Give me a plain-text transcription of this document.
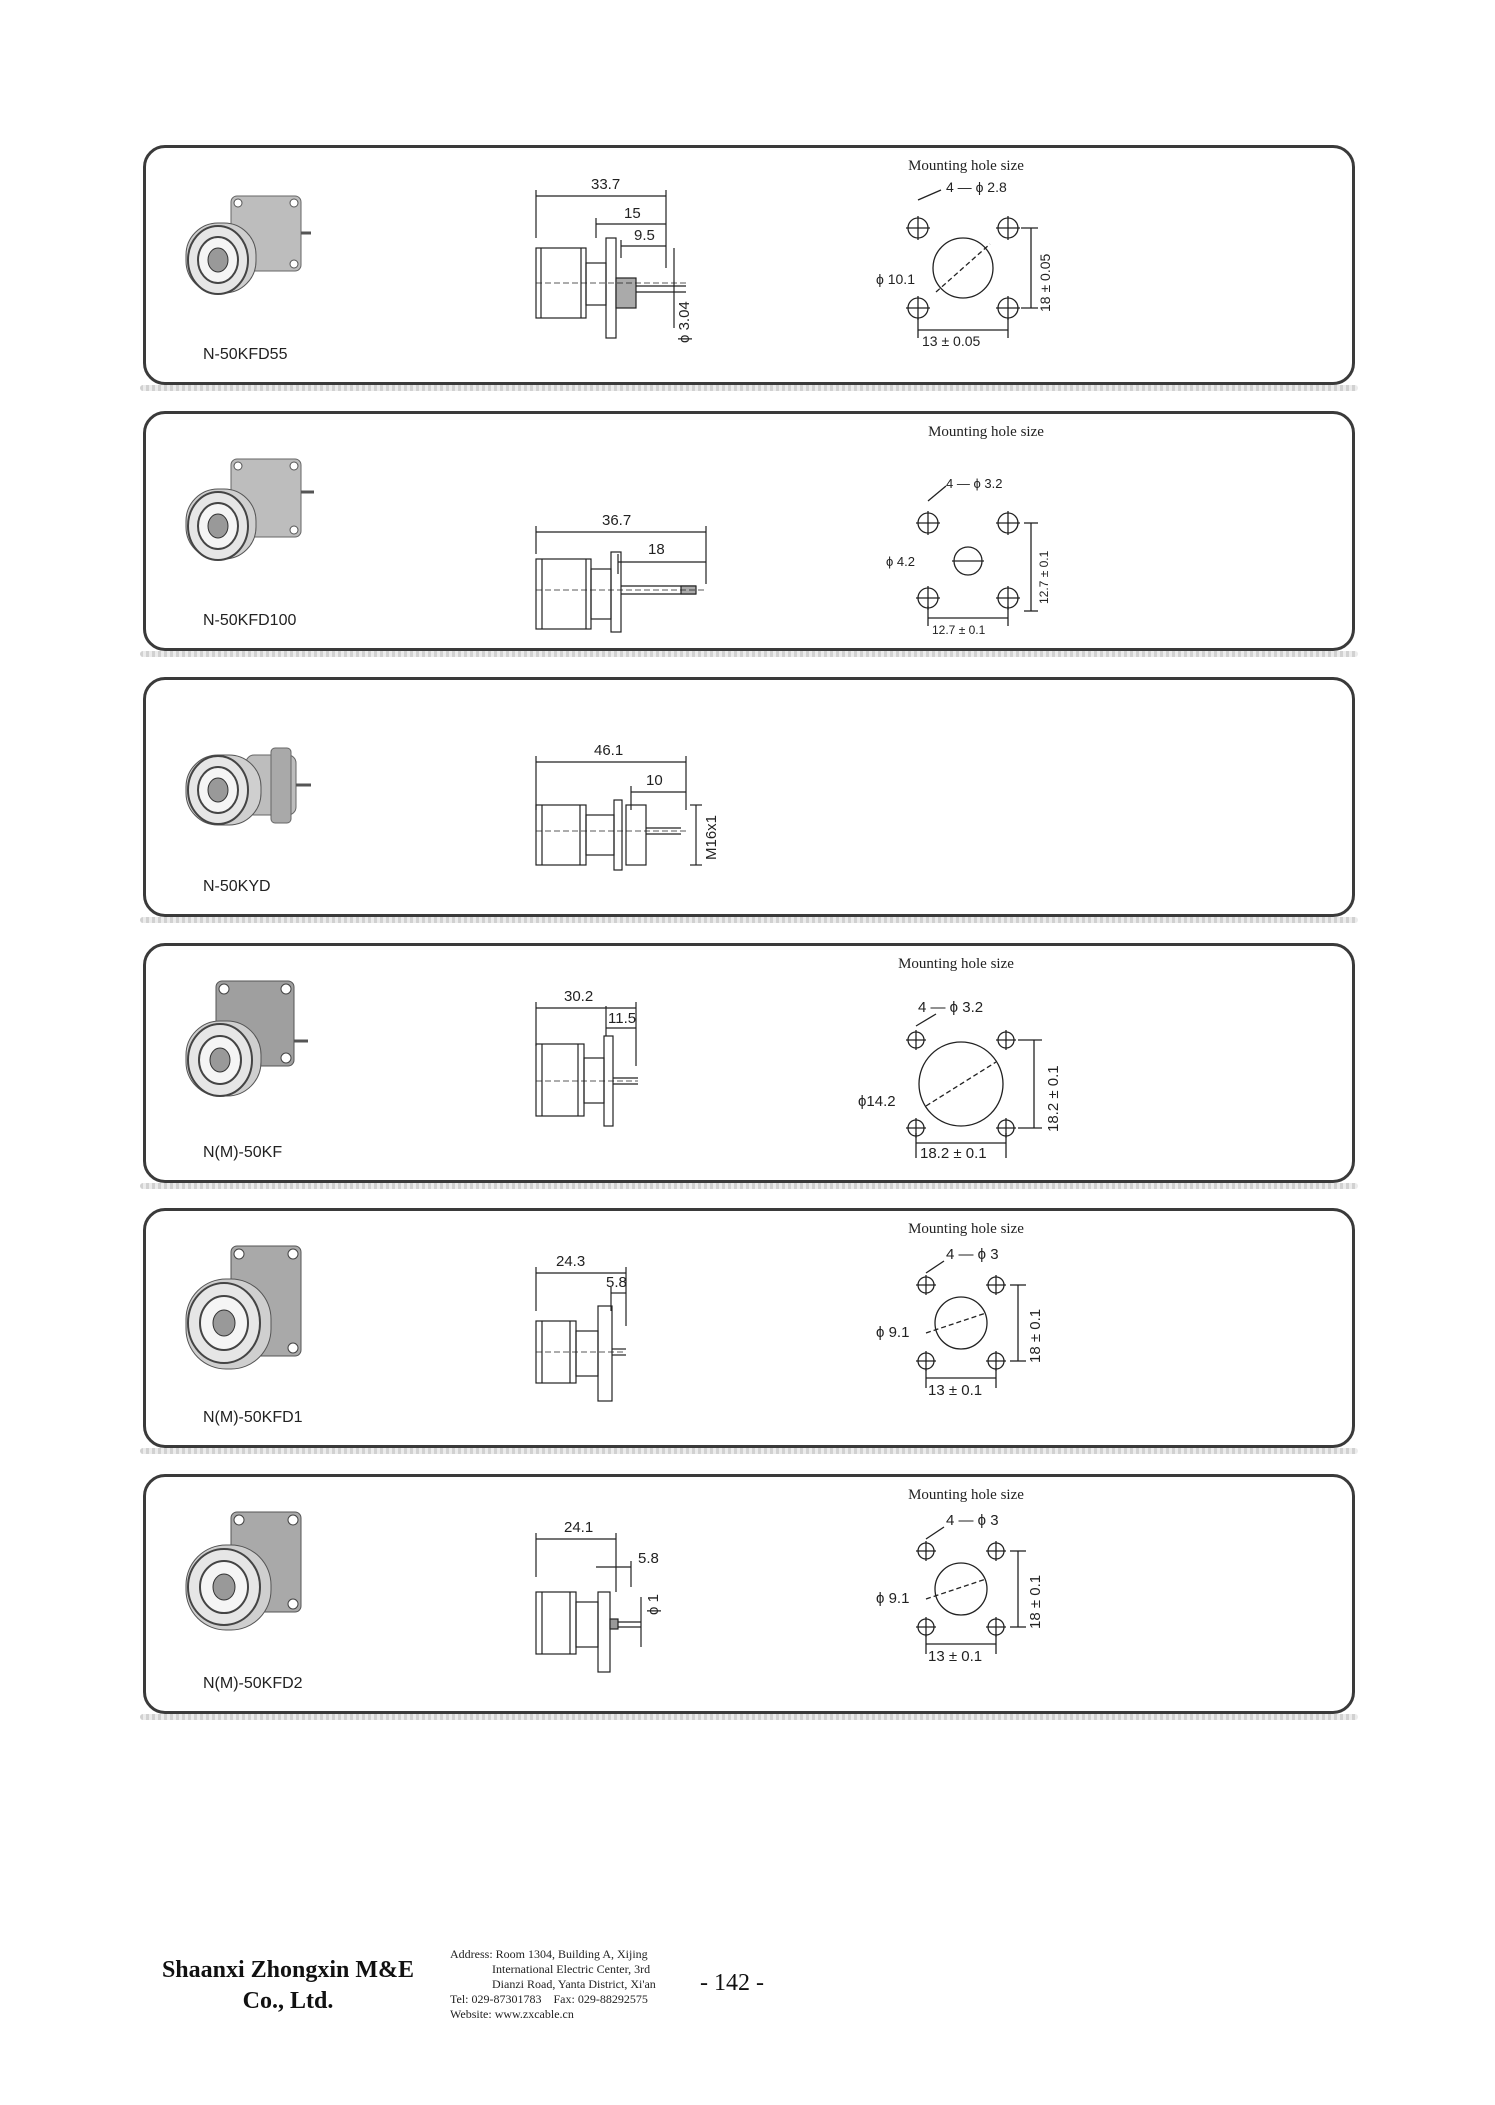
N-50KFD55
33.7
15
9.5
ϕ 3.04
Mounting hole size
4 — ϕ 2.8
ϕ 10.1	18 ± 0.05
13 ± 0.05
N-50KFD100
36.7
18
Mounting hole size
4 — ϕ 3.2
ϕ 4.2	12.7 ± 0.1
12.7 ± 0.1
N-50KYD
46.1
10
M16x1
N(M)-50KF
30.2
11.5
Mounting hole size
4 — ϕ 3.2
ϕ14.2	18.2 ± 0.1
18.2 ± 0.1
N(M)-50KFD1
24.3
5.8
Mounting hole size
4 — ϕ 3
ϕ 9.1	18 ± 0.1
13 ± 0.1
N(M)-50KFD2
24.1
5.8
ϕ 1
Mounting hole size
4 — ϕ 3
ϕ 9.1	18 ± 0.1
13 ± 0.1
Shaanxi Zhongxin M&E
Co., Ltd.
Address: Room 1304, Building A, Xijing
International Electric Center, 3rd
Dianzi Road, Yanta District, Xi'an
Tel: 029-87301783    Fax: 029-88292575
Website: www.zxcable.cn
- 142 -
